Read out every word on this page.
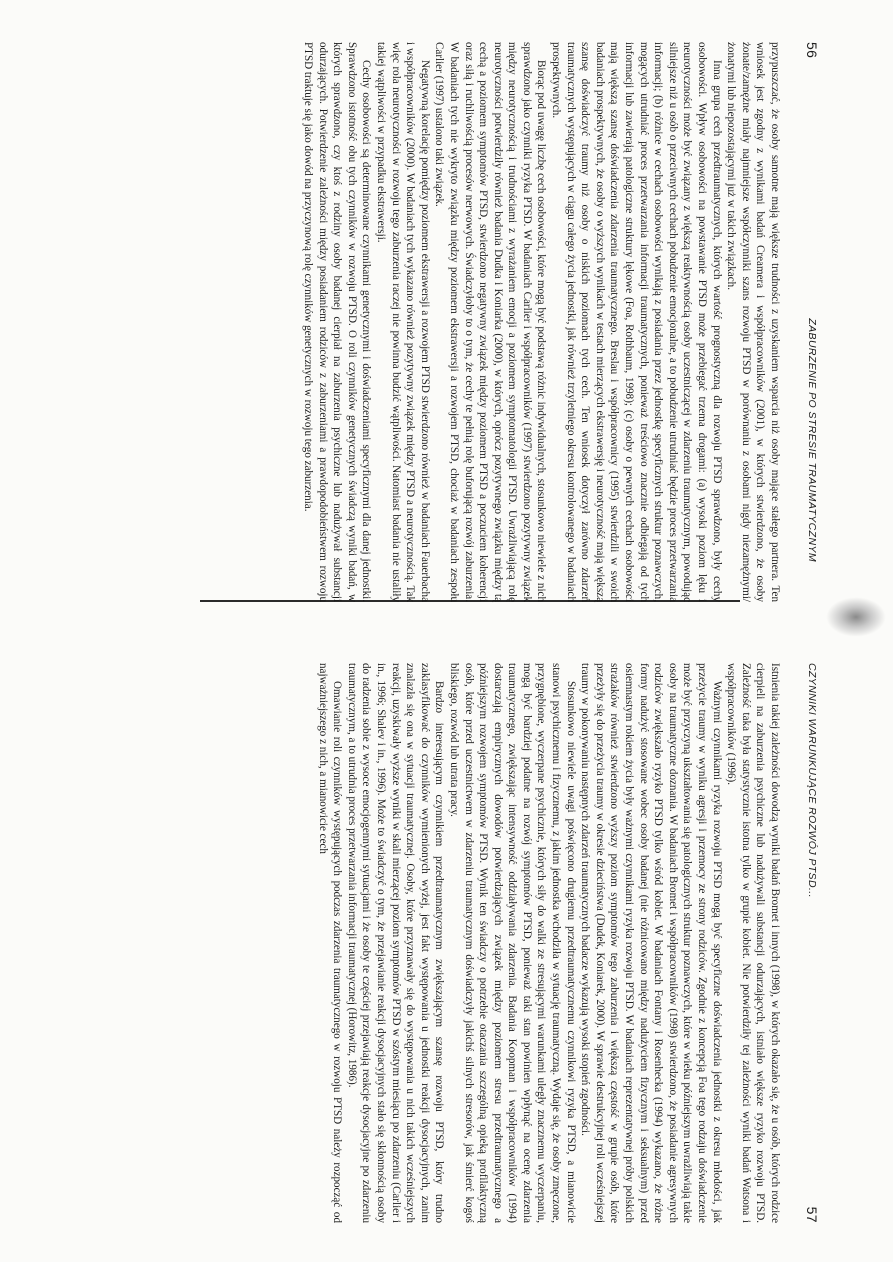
56
ZABURZENIE PO STRESIE TRAUMATYCZNYM

przypuszczać, że osoby samotne mają większe trudności z uzyskaniem wsparcia niż osoby mające stałego partnera. Ten wniosek jest zgodny z wynikami badań Creamera i współpracowników (2001), w których stwierdzono, że osoby żonate/zamężne miały najmniejsze współczynniki szans rozwoju PTSD w porównaniu z osobami nigdy niezamężnymi/żonatymi lub niepozostającymi już w takich związkach.

Inna grupa cech przedtraumatycznych, których wartość prognostyczną dla rozwoju PTSD sprawdzono, były cechy osobowości. Wpływ osobowości na powstawanie PTSD może przebiegać trzema drogami: (a) wysoki poziom lęku i neurotyczności może być związany z większą reaktywnością osoby uczestniczącej w zdarzeniu traumatycznym, powodując silniejsze niż u osób o przeciwnych cechach pobudzenie emocjonalne, a to pobudzenie utrudniać będzie proces przetwarzania informacji; (b) różnice w cechach osobowości wynikają z posiadania przez jednostkę specyficznych struktur poznawczych, mogących utrudniać proces przetwarzania informacji traumatycznych, ponieważ treściowo znacznie odbiegają od tych informacji lub zawierają patologiczne struktury lękowe (Foa, Rothbaum, 1998); (c) osoby o pewnych cechach osobowości mają większą szansę doświadczenia zdarzenia traumatycznego. Breslau i współpracownicy (1995) stwierdzili w swoich badaniach prospektywnych, że osoby o wyższych wynikach w testach mierzących ekstrawersję i neurotyczność mają większą szansę doświadczyć traumy niż osoby o niskich poziomach tych cech. Ten wniosek dotyczył zarówno zdarzeń traumatycznych występujących w ciągu całego życia jednostki, jak również trzyletniego okresu kontrolowanego w badaniach prospektywnych.

Biorąc pod uwagę liczbę cech osobowości, które mogą być podstawą różnic indywidualnych, stosunkowo niewiele z nich sprawdzono jako czynniki ryzyka PTSD. W badaniach Carlier i współpracowników (1997) stwierdzono pozytywny związek między neurotycznością i trudnościami z wyrażaniem emocji a poziomem symptomatologii PTSD. Uwrażliwiającą rolę neurotyczności potwierdziły również badania Dudka i Koniarka (2000), w których, oprócz pozytywnego związku między tą cechą a poziomem symptomów PTSD, stwierdzono negatywny związek między poziomem PTSD a poczuciem koherencji oraz siłą i ruchliwością procesów nerwowych. Świadczyłoby to o tym, że cechy te pełnią rolę buforującą rozwój zaburzenia. W badaniach tych nie wykryto związku między poziomem ekstrawersji a rozwojem PTSD, chociaż w badaniach zespołu Carlier (1997) ustalono taki związek.

Negatywną korelację pomiędzy poziomem ekstrawersji a rozwojem PTSD stwierdzono również w badaniach Fauerbacha i współpracowników (2000). W badaniach tych wykazano również pozytywny związek między PTSD a neurotycznością. Tak więc rola neurotyczności w rozwoju tego zaburzenia raczej nie powinna budzić wątpliwości. Natomiast badania nie ustaliły takiej wątpliwości w przypadku ekstrawersji.

Cechy osobowości są determinowane czynnikami genetycznymi i doświadczeniami specyficznymi dla danej jednostki. Sprawdzono istotność obu tych czynników w rozwoju PTSD. O roli czynników genetycznych świadczą wyniki badań, w których sprawdzono, czy ktoś z rodziny osoby badanej cierpiał na zaburzenia psychiczne lub nadużywał substancji odurzających. Potwierdzenie zależności między posiadaniem rodziców z zaburzeniami a prawdopodobieństwem rozwoju PTSD traktuje się jako dowód na przyczynową rolę czynników genetycznych w rozwoju tego zaburzenia.

CZYNNIKI WARUNKUJĄCE ROZWÓJ PTSD...
57

Istnienia takiej zależności dowodzą wyniki badań Bromet i innych (1998), w których okazało się, że u osób, których rodzice cierpieli na zaburzenia psychiczne lub nadużywali substancji odurzających, istniało większe ryzyko rozwoju PTSD. Zależność taka była statystycznie istotna tylko w grupie kobiet. Nie potwierdziły tej zależności wyniki badań Watsona i współpracowników (1996).

Ważnymi czynnikami ryzyka rozwoju PTSD mogą być specyficzne doświadczenia jednostki z okresu młodości, jak przeżycie traumy w wyniku agresji i przemocy ze strony rodziców. Zgodnie z koncepcją Foa tego rodzaju doświadczenie może być przyczyną ukształtowania się patologicznych struktur poznawczych, które w wieku późniejszym uwrażliwiają takie osoby na traumatyczne doznania. W badaniach Bromet i współpracowników (1998) stwierdzono, że posiadanie agresywnych rodziców zwiększało ryzyko PTSD tylko wśród kobiet. W badaniach Fontany i Rosenhecka (1994) wykazano, że różne formy nadużyć stosowane wobec osoby badanej (nie różnicowano między nadużyciem fizycznym i seksualnym) przed osiemnastym rokiem życia były ważnymi czynnikami ryzyka rozwoju PTSD. W badaniach reprezentatywnej próby polskich strażaków również stwierdzono wyższy poziom symptomów tego zaburzenia i większą częstość w grupie osób, które przeżyły się do przeżycia traumy w okresie dzieciństwa (Dudek, Koniarek, 2000). W sprawie destrukcyjnej roli wcześniejszej traumy w pokonywaniu następnych zdarzeń traumatycznych badacze wykazują wysoki stopień zgodności.

Stosunkowo niewiele uwagi poświęcono drugiemu przedtraumatycznemu czynnikowi ryzyka PTSD, a mianowicie stanowi psychicznemu i fizycznemu, z jakim jednostka wchodziła w sytuację traumatyczną. Wydaje się, że osoby zmęczone, przygnębione, wyczerpane psychicznie, których siły do walki ze stresującymi warunkami uległy znacznemu wyczerpaniu, mogą być bardziej podatne na rozwój symptomów PTSD, ponieważ taki stan powinien wpłynąć na ocenę zdarzenia traumatycznego, zwiększając intensywność oddziaływania zdarzenia. Badania Koopman i współpracowników (1994) dostarczają empirycznych dowodów potwierdzających związek między poziomem stresu przedtraumatycznego a późniejszym rozwojem symptomów PTSD. Wynik ten świadczy o potrzebie otaczania szczególną opieką profilaktyczną osób, które przed uczestnictwem w zdarzeniu traumatycznym doświadczyły jakichś silnych stresorów, jak śmierć kogoś bliskiego, rozwód lub utrata pracy.

Bardzo interesującym czynnikiem przedtraumatycznym zwiększającym szansę rozwoju PTSD, który trudno zaklasyfikować do czynników wymienionych wyżej, jest fakt występowania u jednostki reakcji dysocjacyjnych, zanim znalazła się ona w sytuacji traumatycznej. Osoby, które przyznawały się do występowania u nich takich wcześniejszych reakcji, uzyskiwały wyższe wyniki w skali mierzącej poziom symptomów PTSD w szóstym miesiącu po zdarzeniu (Carlier i in., 1996; Shalev i in., 1996). Może to świadczyć o tym, że przejawianie reakcji dysocjacyjnych stało się skłonnością osoby do radzenia sobie z wysoce emocjogennymi sytuacjami i że osoby te częściej przejawiają reakcje dysocjacyjne po zdarzeniu traumatycznym, a to utrudnia proces przetwarzania informacji traumatycznej (Horowitz, 1986).

Omawianie roli czynników występujących podczas zdarzenia traumatycznego w rozwoju PTSD należy rozpocząć od najważniejszego z nich, a mianowicie cech
